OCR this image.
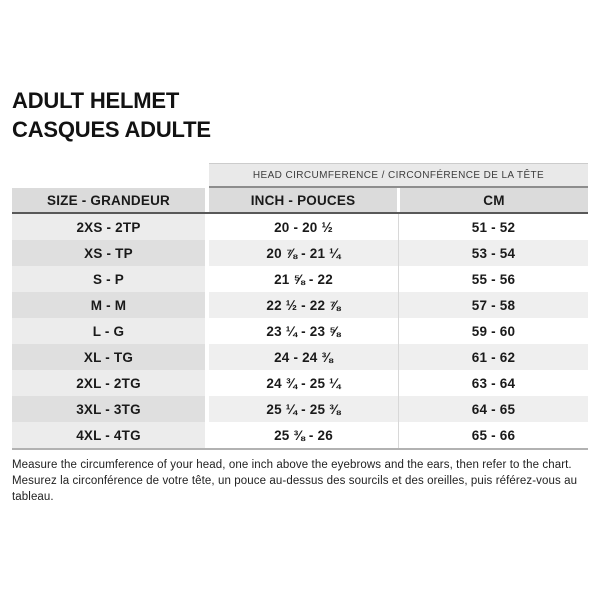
ADULT HELMET
CASQUES ADULTE
HEAD CIRCUMFERENCE / CIRCONFÉRENCE DE LA TÊTE
SIZE - GRANDEUR	INCH - POUCES	CM
2XS - 2TP	20 - 20 ½	51 - 52
XS - TP	20 ⅞ - 21 ¼	53 - 54
S - P	21 ⅝ - 22	55 - 56
M - M	22 ½ - 22 ⅞	57 - 58
L - G	23 ¼ - 23 ⅝	59 - 60
XL - TG	24 - 24 ⅜	61 - 62
2XL - 2TG	24 ¾ - 25 ¼	63 - 64
3XL - 3TG	25 ¼ - 25 ⅜	64 - 65
4XL - 4TG	25 ⅜ - 26	65 - 66
Measure the circumference of your head, one inch above the eyebrows and the ears, then refer to the chart.
Mesurez la circonférence de votre tête, un pouce au-dessus des sourcils et des oreilles, puis référez-vous au tableau.
